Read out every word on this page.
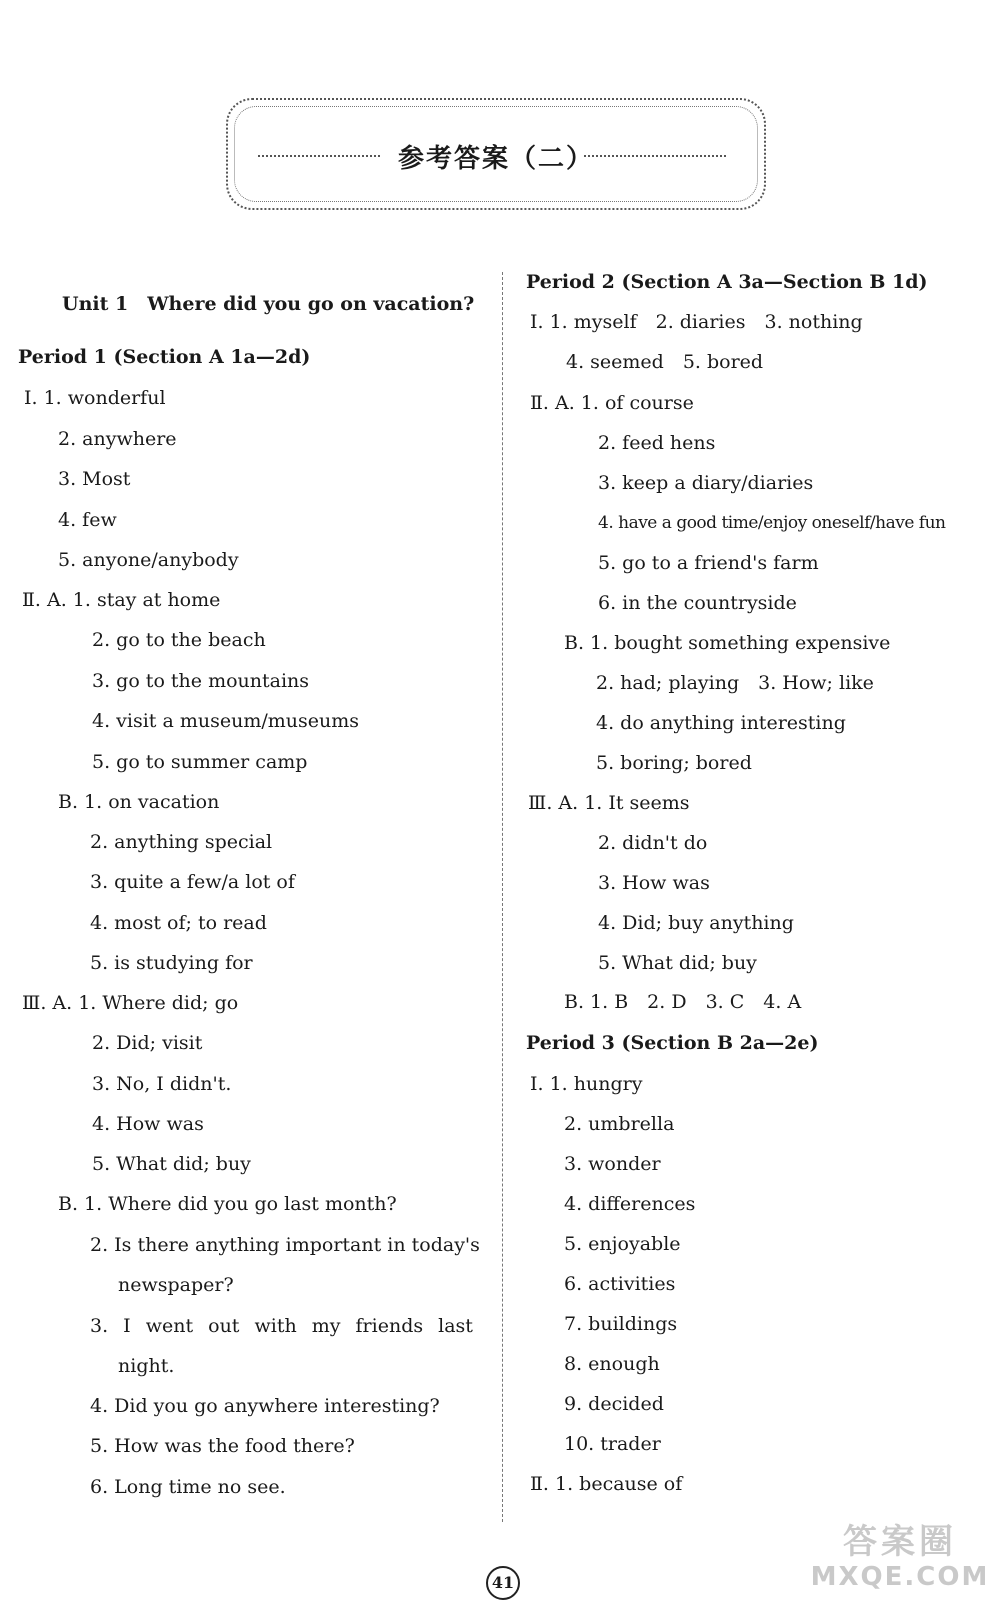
参考答案（二）
Unit 1　Where did you go on vacation?
Period 1 (Section A 1a—2d)
Ⅰ. 1. wonderful
2. anywhere
3. Most
4. few
5. anyone/anybody
Ⅱ. A. 1. stay at home
2. go to the beach
3. go to the mountains
4. visit a museum/museums
5. go to summer camp
B. 1. on vacation
2. anything special
3. quite a few/a lot of
4. most of; to read
5. is studying for
Ⅲ. A. 1. Where did; go
2. Did; visit
3. No, I didn't.
4. How was
5. What did; buy
B. 1. Where did you go last month?
2. Is there anything important in today's
newspaper?
3. I went out with my friends last
night.
4. Did you go anywhere interesting?
5. How was the food there?
6. Long time no see.
Period 2 (Section A 3a—Section B 1d)
Ⅰ. 1. myself　2. diaries　3. nothing
4. seemed　5. bored
Ⅱ. A. 1. of course
2. feed hens
3. keep a diary/diaries
4. have a good time/enjoy oneself/have fun
5. go to a friend's farm
6. in the countryside
B. 1. bought something expensive
2. had; playing　3. How; like
4. do anything interesting
5. boring; bored
Ⅲ. A. 1. It seems
2. didn't do
3. How was
4. Did; buy anything
5. What did; buy
B. 1. B　2. D　3. C　4. A
Period 3 (Section B 2a—2e)
Ⅰ. 1. hungry
2. umbrella
3. wonder
4. differences
5. enjoyable
6. activities
7. buildings
8. enough
9. decided
10. trader
Ⅱ. 1. because of
41
答案圈
MXQE.COM
